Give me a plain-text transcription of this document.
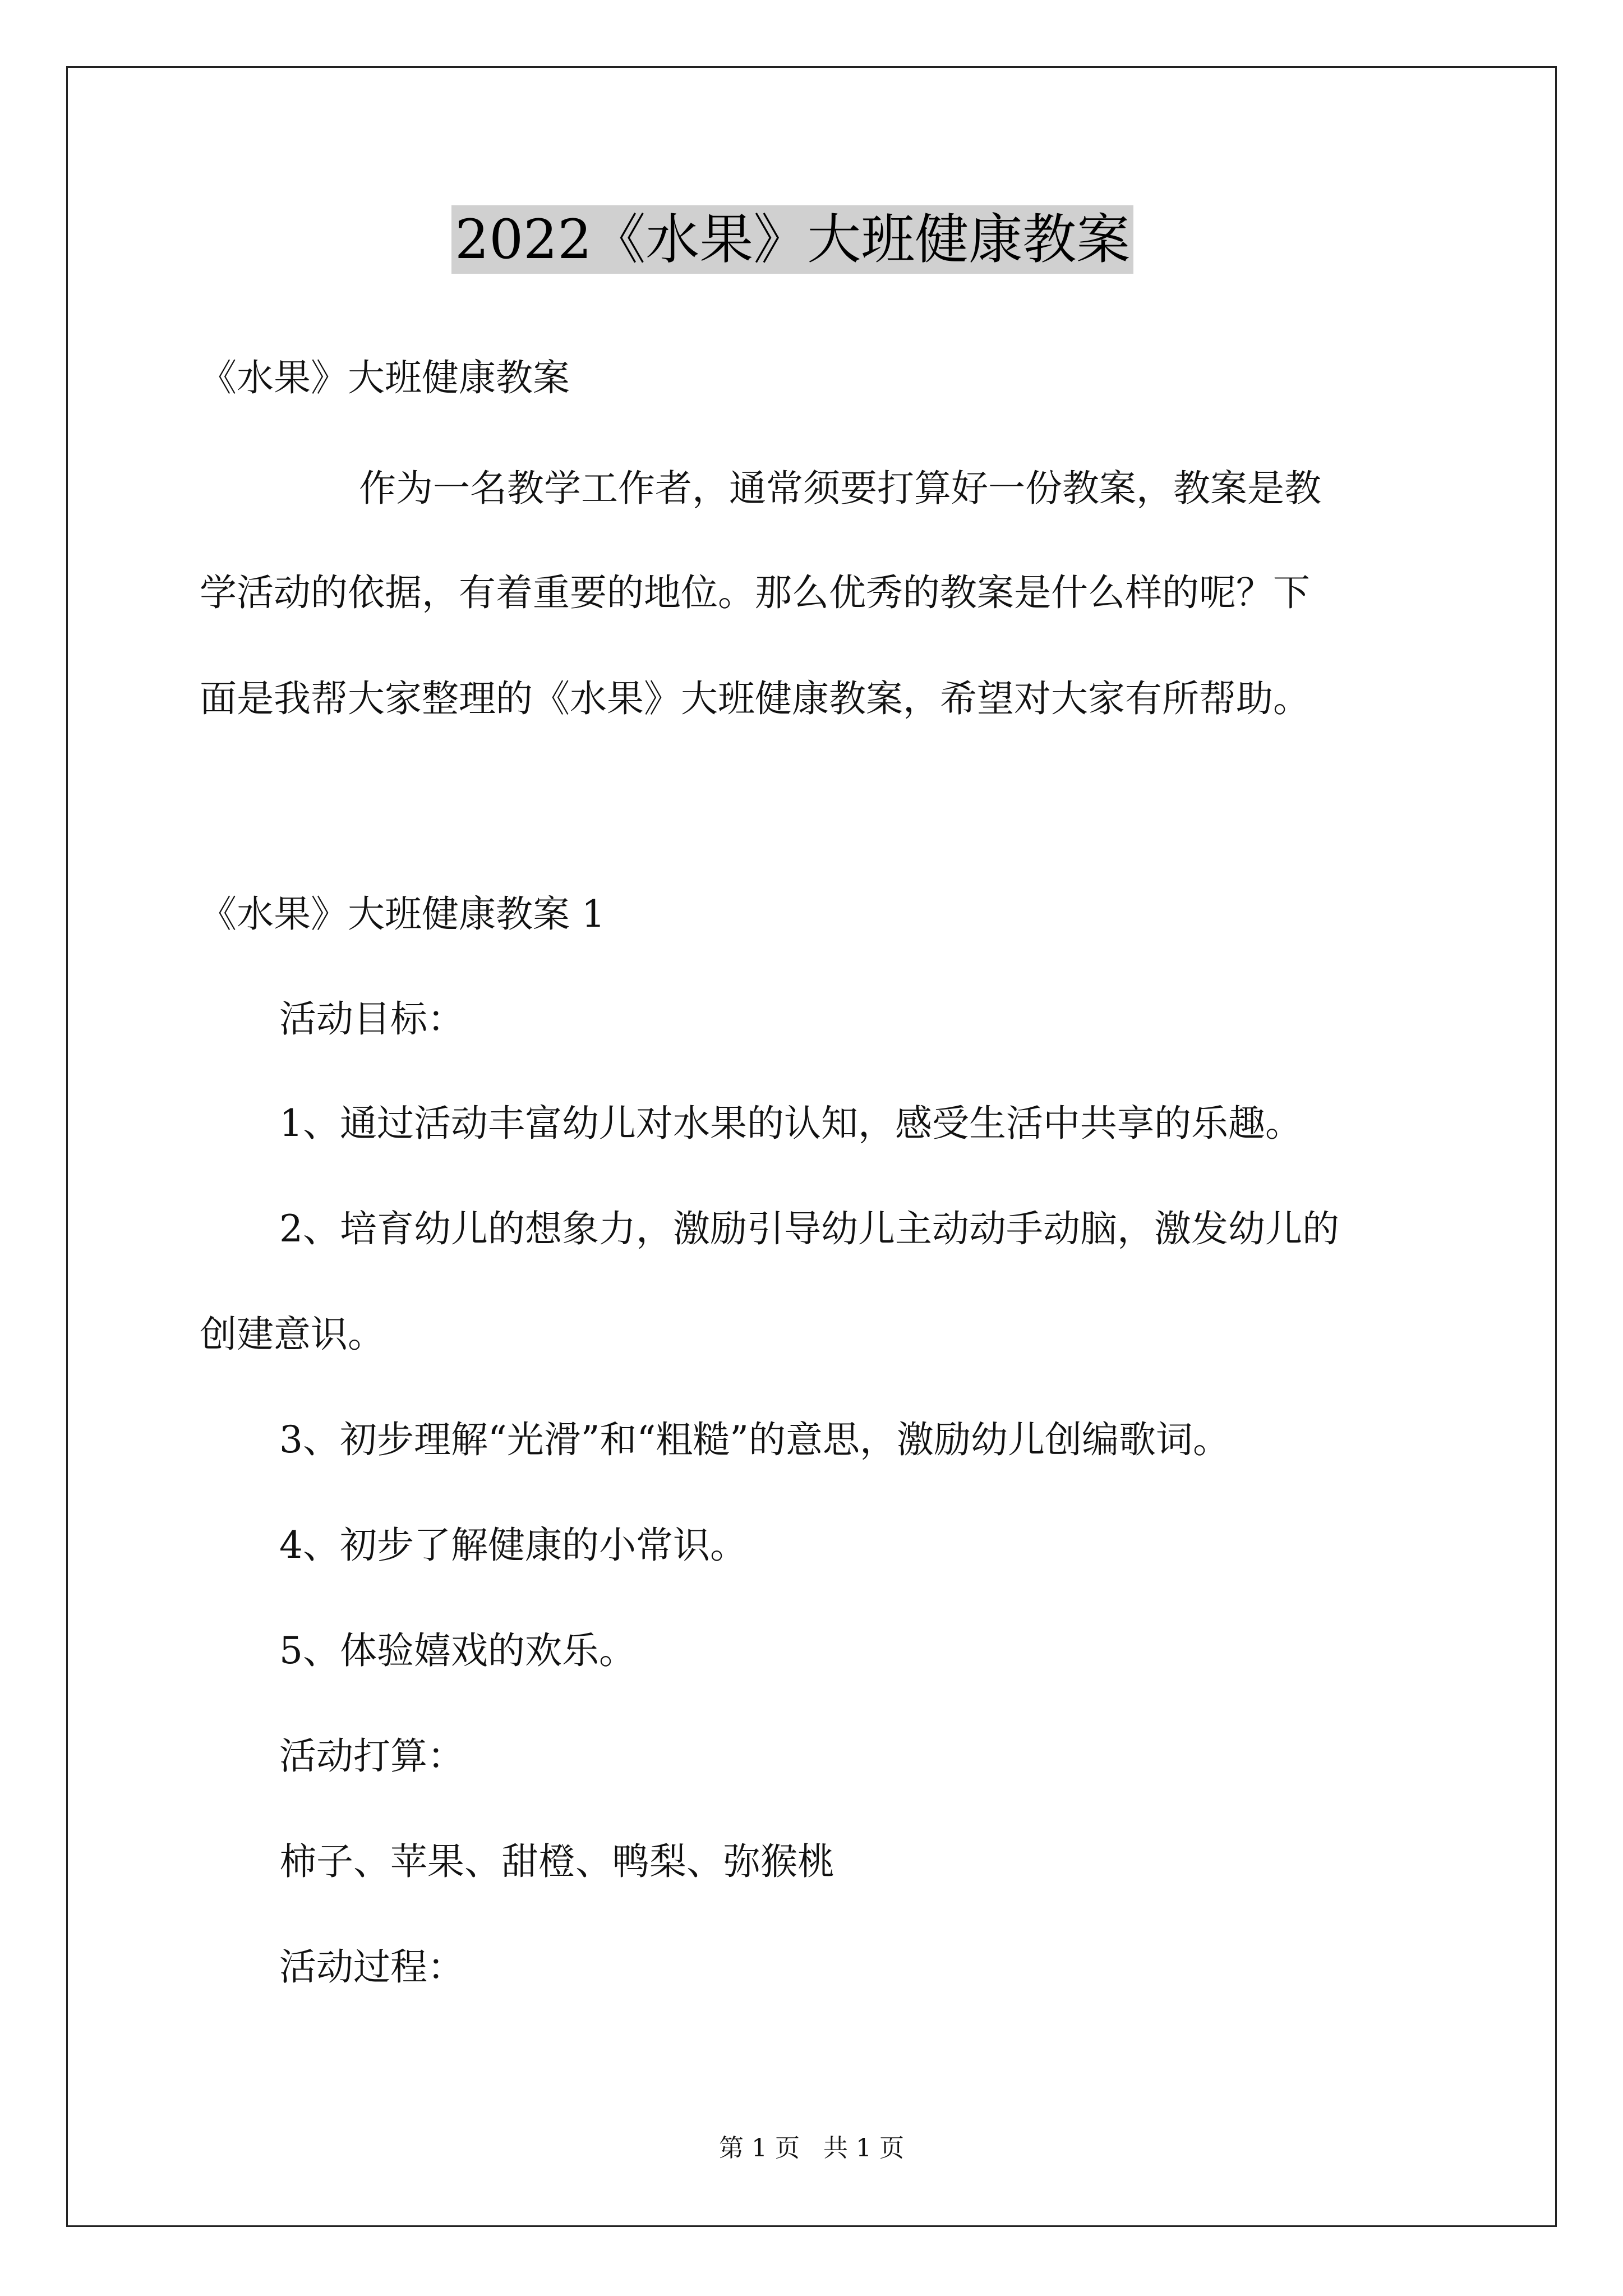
2022《水果》大班健康教案
《水果》大班健康教案
作为一名教学工作者，通常须要打算好一份教案，教案是教
学活动的依据，有着重要的地位。那么优秀的教案是什么样的呢？下
面是我帮大家整理的《水果》大班健康教案，希望对大家有所帮助。
《水果》大班健康教案 1
活动目标：
1、通过活动丰富幼儿对水果的认知，感受生活中共享的乐趣。
2、培育幼儿的想象力，激励引导幼儿主动动手动脑，激发幼儿的
创建意识。
3、初步理解“光滑”和“粗糙”的意思，激励幼儿创编歌词。
4、初步了解健康的小常识。
5、体验嬉戏的欢乐。
活动打算：
柿子、苹果、甜橙、鸭梨、弥猴桃
活动过程：
第 1 页   共 1 页
